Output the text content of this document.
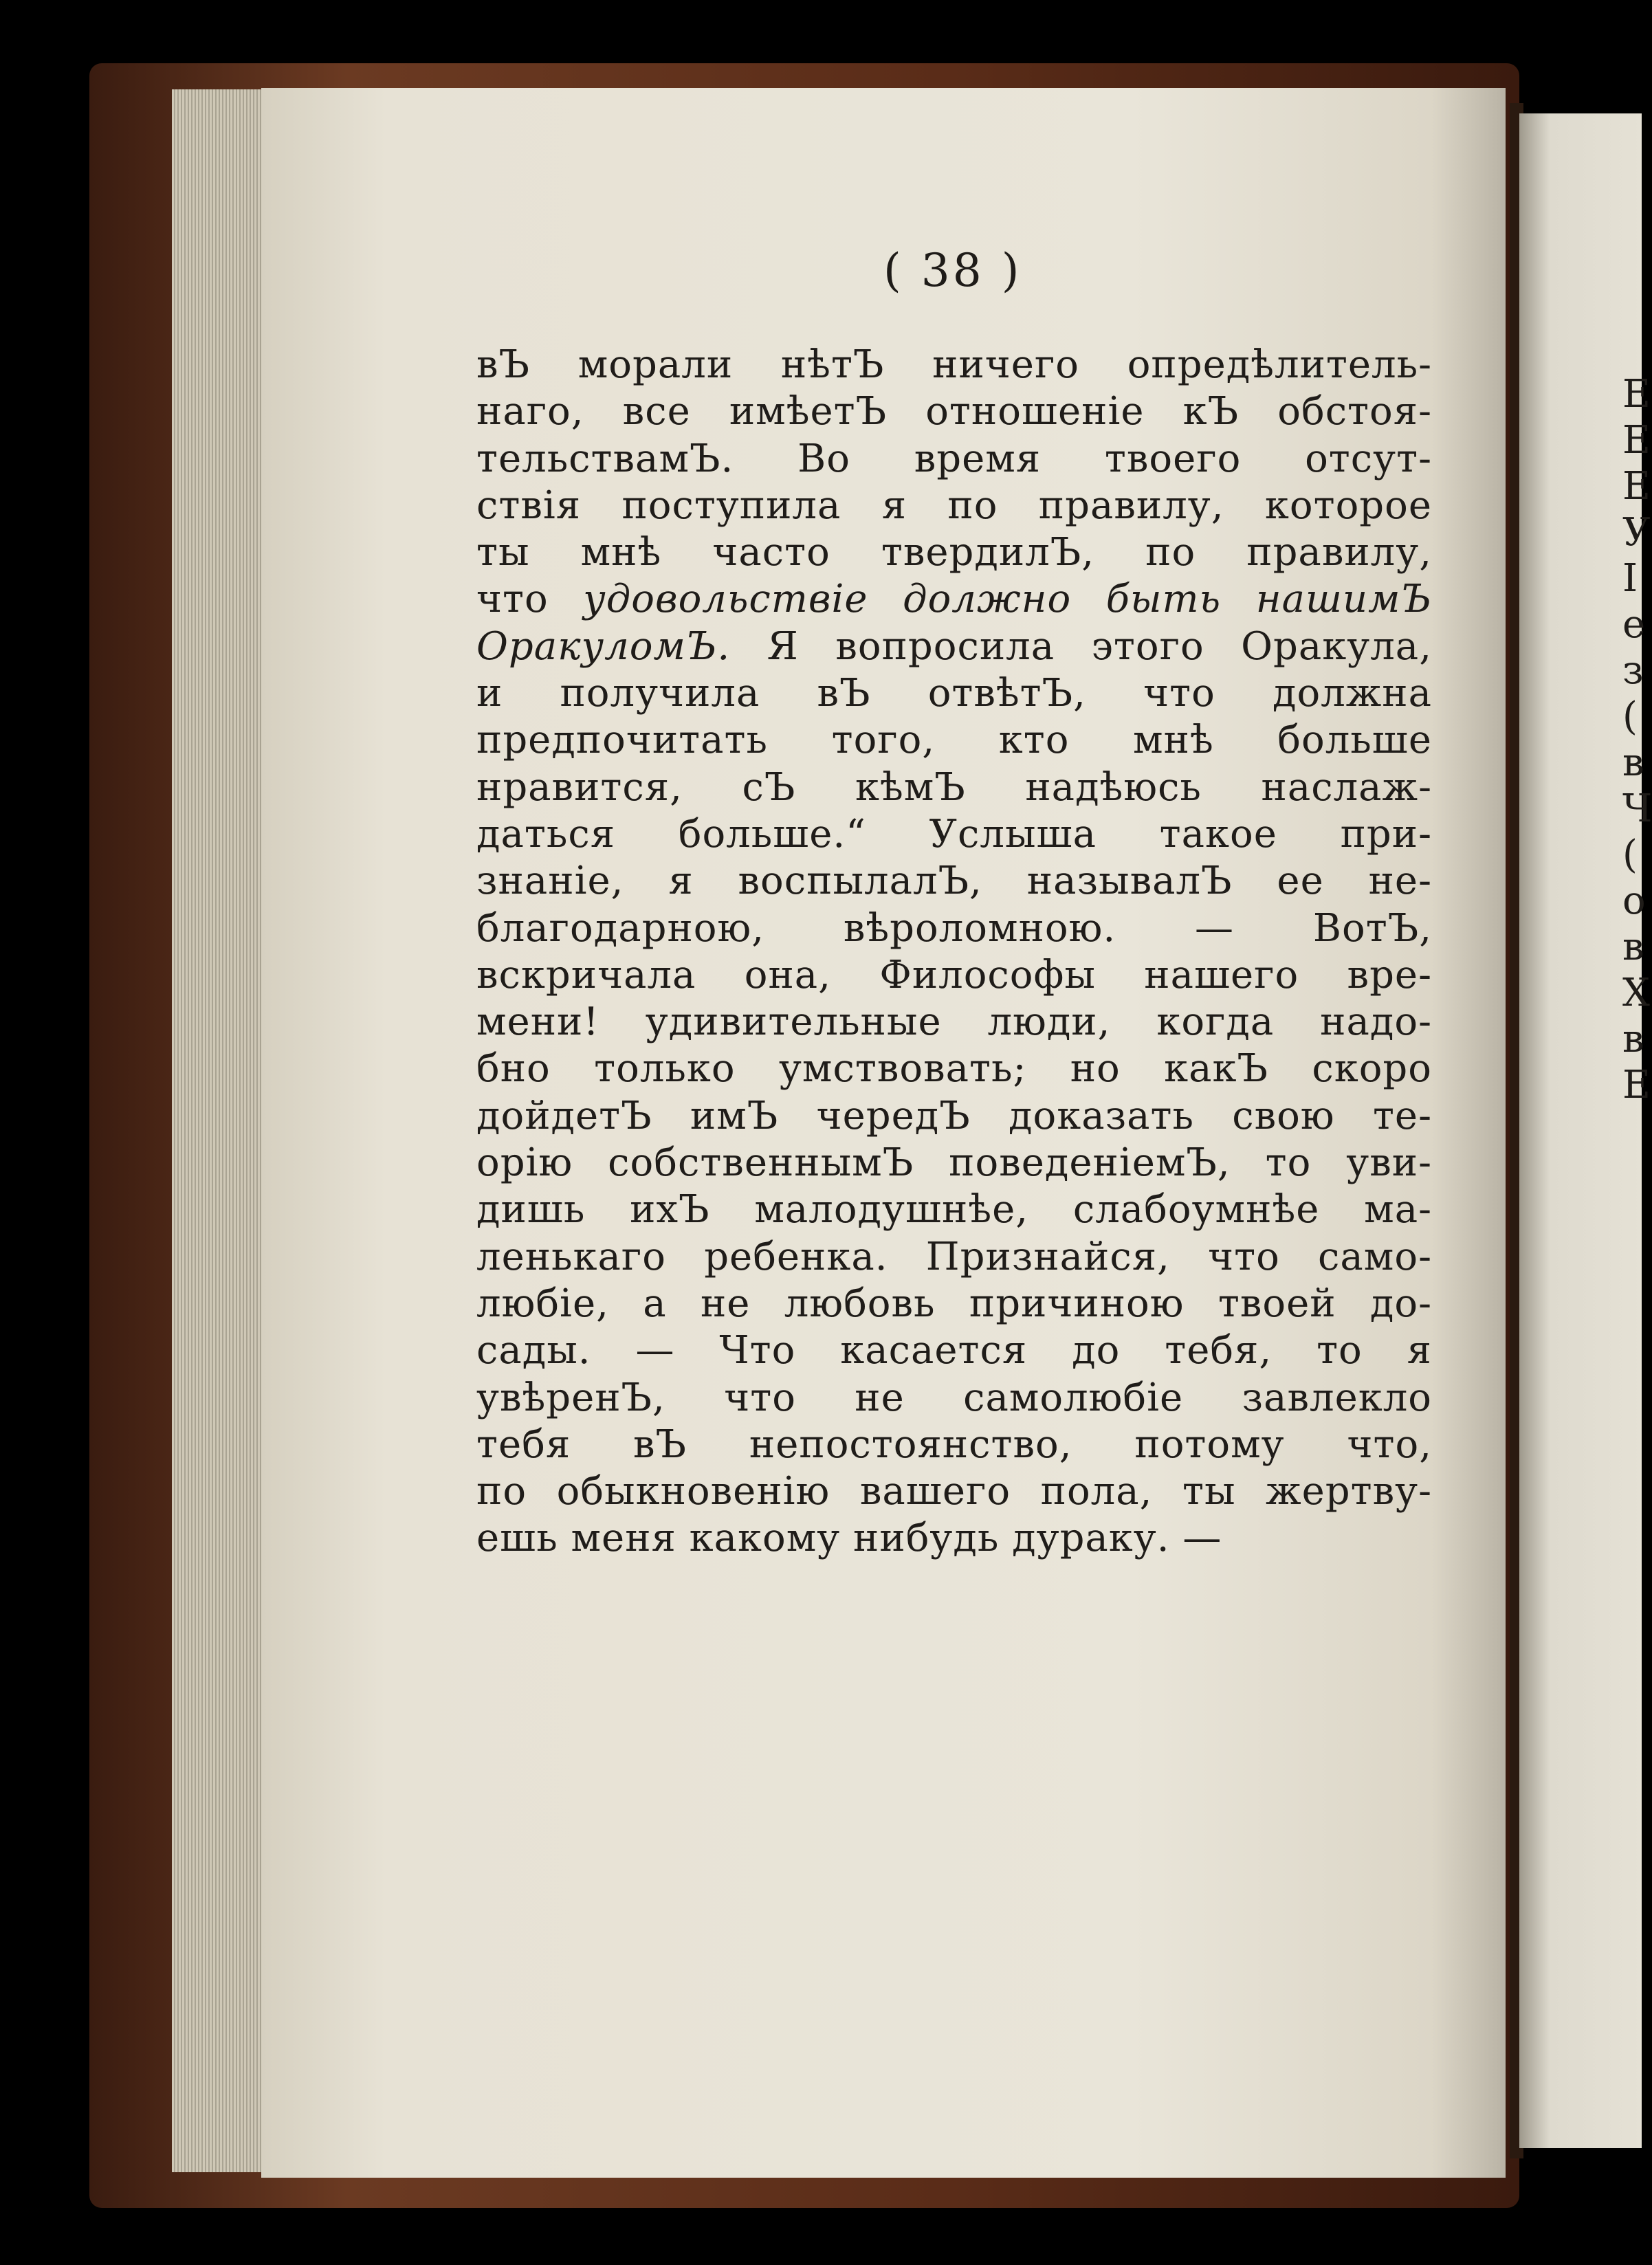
( 38 )
вЪ морали нѣтЪ ничего опредѣлитель-
наго, все имѣетЪ отношеніе кЪ обстоя-
тельствамЪ. Во время твоего отсут-
ствія поступила я по правилу, которое
ты мнѣ часто твердилЪ, по правилу,
что удовольствіе должно быть нашимЪ
ОракуломЪ. Я вопросила этого Оракула,
и получила вЪ отвѣтЪ, что должна
предпочитать того, кто мнѣ больше
нравится, сЪ кѣмЪ надѣюсь наслаж-
даться больше.“ Услыша такое при-
знаніе, я воспылалЪ, называлЪ ее не-
благодарною, вѣроломною. — ВотЪ,
вскричала она, Философы нашего вре-
мени! удивительные люди, когда надо-
бно только умствовать; но какЪ скоро
дойдетЪ имЪ чередЪ доказать свою те-
орію собственнымЪ поведеніемЪ, то уви-
дишь ихЪ малодушнѣе, слабоумнѣе ма-
ленькаго ребенка. Признайся, что само-
любіе, а не любовь причиною твоей до-
сады. — Что касается до тебя, то я
увѣренЪ, что не самолюбіе завлекло
тебя вЪ непостоянство, потому что,
по обыкновенію вашего пола, ты жертву-
ешь меня какому нибудь дураку. —
Е
Е
Е
У
І
е
з
(
в
Ч
(
о
в
Х
в
Е
